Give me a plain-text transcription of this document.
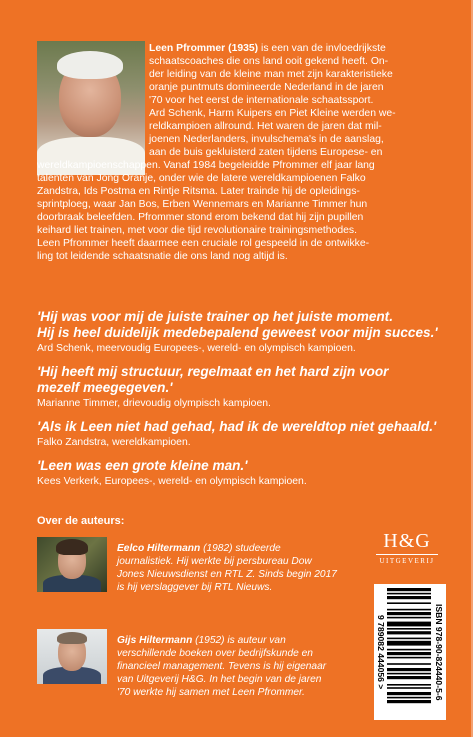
Leen Pfrommer (1935) is een van de invloedrijkste
schaatscoaches die ons land ooit gekend heeft. On-
der leiding van de kleine man met zijn karakteristieke
oranje puntmuts domineerde Nederland in de jaren
'70 voor het eerst de internationale schaatssport.
Ard Schenk, Harm Kuipers en Piet Kleine werden we-
reldkampioen allround. Het waren de jaren dat mil-
joenen Nederlanders, invulschema's in de aanslag,
aan de buis gekluisterd zaten tijdens Europese- en
wereldkampioenschappen. Vanaf 1984 begeleidde Pfrommer elf jaar lang
talenten van Jong Oranje, onder wie de latere wereldkampioenen Falko
Zandstra, Ids Postma en Rintje Ritsma. Later trainde hij de opleidings-
sprintploeg, waar Jan Bos, Erben Wennemars en Marianne Timmer hun
doorbraak beleefden. Pfrommer stond erom bekend dat hij zijn pupillen
keihard liet trainen, met voor die tijd revolutionaire trainingsmethodes.
Leen Pfrommer heeft daarmee een cruciale rol gespeeld in de ontwikke-
ling tot leidende schaatsnatie die ons land nog altijd is.
'Hij was voor mij de juiste trainer op het juiste moment.
Hij is heel duidelijk medebepalend geweest voor mijn succes.'
Ard Schenk, meervoudig Europees-, wereld- en olympisch kampioen.
'Hij heeft mij structuur, regelmaat en het hard zijn voor
mezelf meegegeven.'
Marianne Timmer, drievoudig olympisch kampioen.
'Als ik Leen niet had gehad, had ik de wereldtop niet gehaald.'
Falko Zandstra, wereldkampioen.
'Leen was een grote kleine man.'
Kees Verkerk, Europees-, wereld- en olympisch kampioen.
Over de auteurs:
Eelco Hiltermann (1982) studeerde
journalistiek. Hij werkte bij persbureau Dow
Jones Nieuwsdienst en RTL Z. Sinds begin 2017
is hij verslaggever bij RTL Nieuws.
Gijs Hiltermann (1952) is auteur van
verschillende boeken over bedrijfskunde en
financieel management. Tevens is hij eigenaar
van Uitgeverij H&G. In het begin van de jaren
'70 werkte hij samen met Leen Pfrommer.
H&G
UITGEVERIJ
9 789082 444056 >	ISBN 978-90-824440-5-6
